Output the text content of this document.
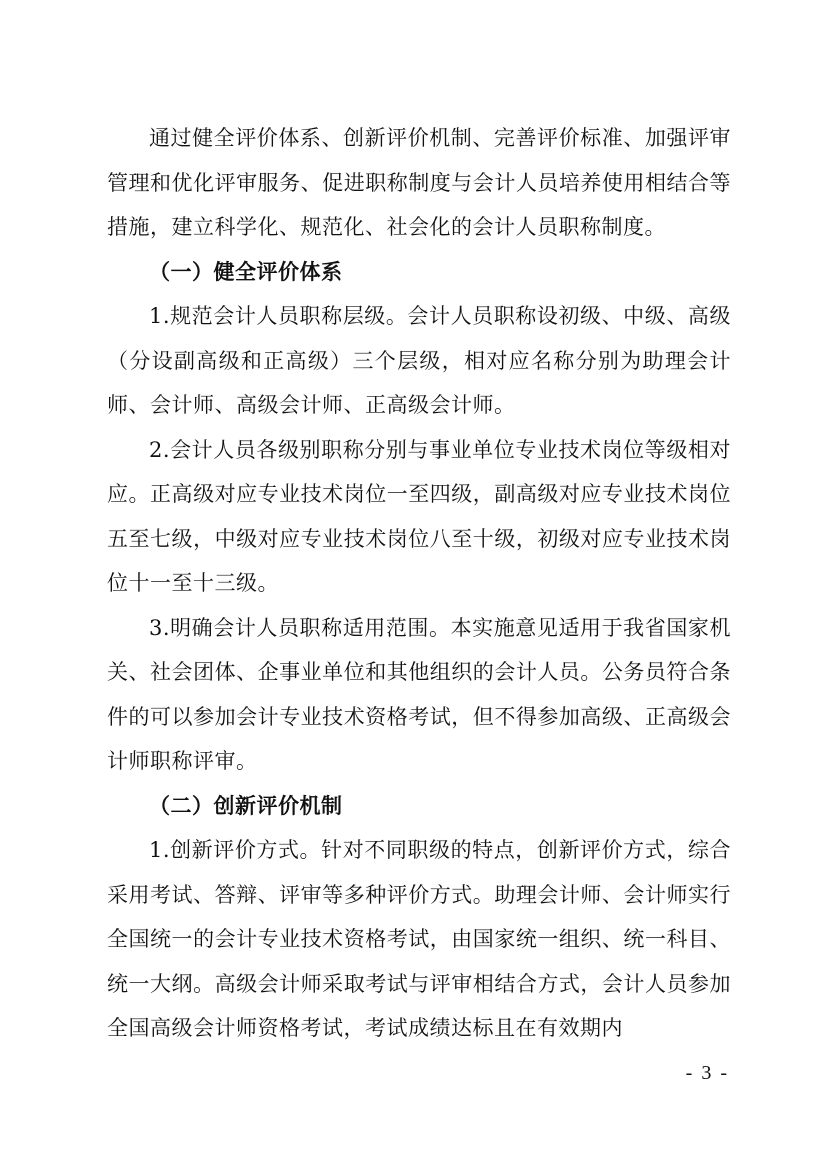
通过健全评价体系、创新评价机制、完善评价标准、加强评审管理和优化评审服务、促进职称制度与会计人员培养使用相结合等措施，建立科学化、规范化、社会化的会计人员职称制度。

（一）健全评价体系

1.规范会计人员职称层级。会计人员职称设初级、中级、高级（分设副高级和正高级）三个层级，相对应名称分别为助理会计师、会计师、高级会计师、正高级会计师。

2.会计人员各级别职称分别与事业单位专业技术岗位等级相对应。正高级对应专业技术岗位一至四级，副高级对应专业技术岗位五至七级，中级对应专业技术岗位八至十级，初级对应专业技术岗位十一至十三级。

3.明确会计人员职称适用范围。本实施意见适用于我省国家机关、社会团体、企事业单位和其他组织的会计人员。公务员符合条件的可以参加会计专业技术资格考试，但不得参加高级、正高级会计师职称评审。

（二）创新评价机制

1.创新评价方式。针对不同职级的特点，创新评价方式，综合采用考试、答辩、评审等多种评价方式。助理会计师、会计师实行全国统一的会计专业技术资格考试，由国家统一组织、统一科目、统一大纲。高级会计师采取考试与评审相结合方式，会计人员参加全国高级会计师资格考试，考试成绩达标且在有效期内

- 3 -
